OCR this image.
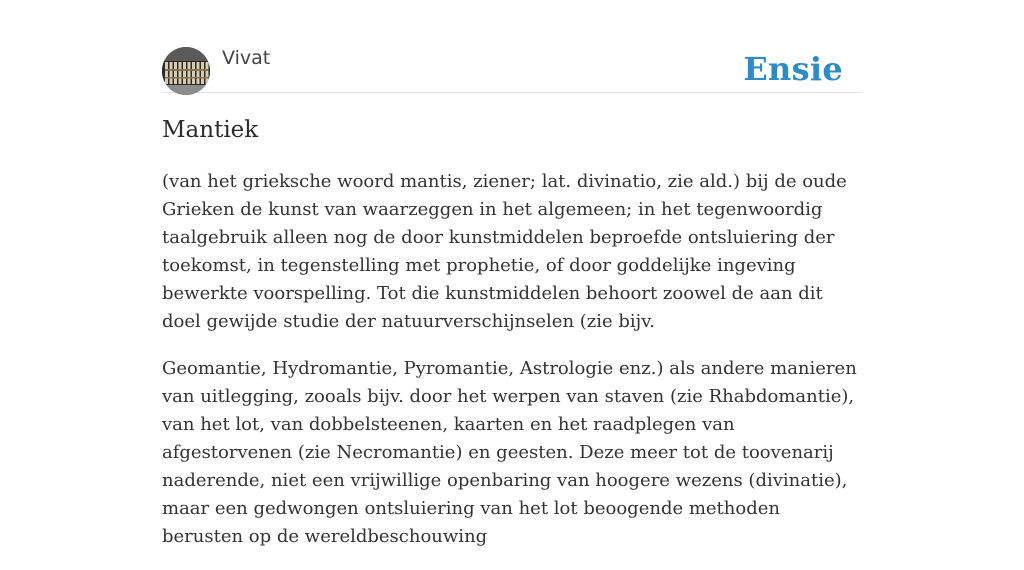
Vivat	Ensie
Mantiek

(van het grieksche woord mantis, ziener; lat. divinatio, zie ald.) bij de oude Grieken de kunst van waarzeggen in het algemeen; in het tegenwoordig taalgebruik alleen nog de door kunstmiddelen beproefde ontsluiering der toekomst, in tegenstelling met prophetie, of door goddelijke ingeving bewerkte voorspelling. Tot die kunstmiddelen behoort zoowel de aan dit doel gewijde studie der natuurverschijnselen (zie bijv.

Geomantie, Hydromantie, Pyromantie, Astrologie enz.) als andere manieren van uitlegging, zooals bijv. door het werpen van staven (zie Rhabdomantie), van het lot, van dobbelsteenen, kaarten en het raadplegen van afgestorvenen (zie Necromantie) en geesten. Deze meer tot de toovenarij naderende, niet een vrijwillige openbaring van hoogere wezens (divinatie), maar een gedwongen ontsluiering van het lot beoogende methoden berusten op de wereldbeschouwing
